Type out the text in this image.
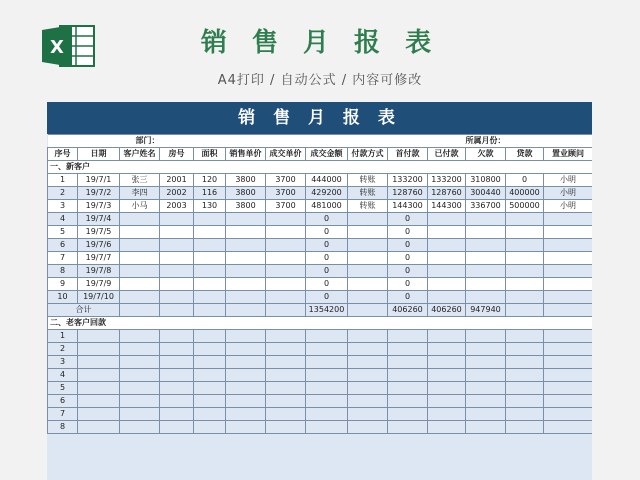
X	销 售 月 报 表
A4打印 / 自动公式 / 内容可修改
销 售 月 报 表
部门：										所属月份：			
序号	日期	客户姓名	房号	面积	销售单价	成交单价	成交金额	付款方式	首付款	已付款	欠款	贷款	置业顾问
一、新客户													
1	19/7/1	张三	2001	120	3800	3700	444000	转账	133200	133200	310800	0	小明
2	19/7/2	李四	2002	116	3800	3700	429200	转账	128760	128760	300440	400000	小明
3	19/7/3	小马	2003	130	3800	3700	481000	转账	144300	144300	336700	500000	小明
4	19/7/4						0		0				
5	19/7/5						0		0				
6	19/7/6						0		0				
7	19/7/7						0		0				
8	19/7/8						0		0				
9	19/7/9						0		0				
10	19/7/10						0		0				
合计							1354200		406260	406260	947940		
二、老客户回款													
1													
2													
3													
4													
5													
6													
7													
8													
